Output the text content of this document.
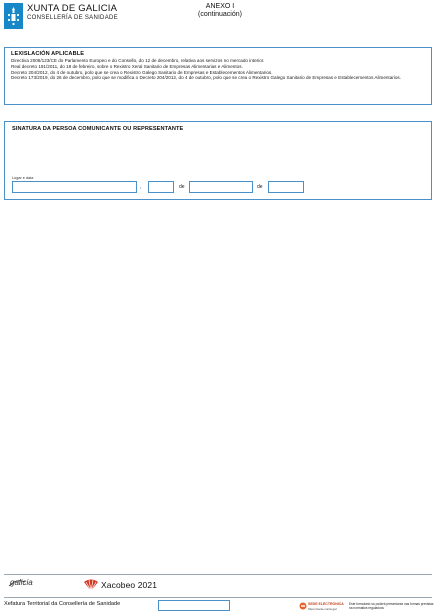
XUNTA DE GALICIA
CONSELLERÍA DE SANIDADE
ANEXO I
(continuación)
LEXISLACIÓN APLICABLE
Directiva 2006/123/CE do Parlamento Europeo e do Consello, do 12 de decembro, relativa aos servizos no mercado interior.
Real decreto 191/2011, do 18 de febreiro, sobre o Rexistro Xeral Sanitario de Empresas Alimentarias e Alimentos.
Decreto 204/2012, do 4 de outubro, polo que se crea o Rexistro Galego Sanitario de Empresas e Establecementos Alimentarios.
Decreto 173/2019, do 26 de decembro, polo que se modifica o Decreto 204/2012, do 4 de outubro, polo que se crea o Rexistro Galego Sanitario de Empresas e Establecementos Alimentarios.
SINATURA DA PERSOA COMUNICANTE OU REPRESENTANTE
Lugar e data
,	de	de
galicia	Xacobeo 2021
Xefatura Territorial da Consellería de Sanidade	SEDE ELECTRÓNICA
https://sede.xunta.gal
Este formulario só poderá presentarse nas formas previstas na normativa reguladora.
